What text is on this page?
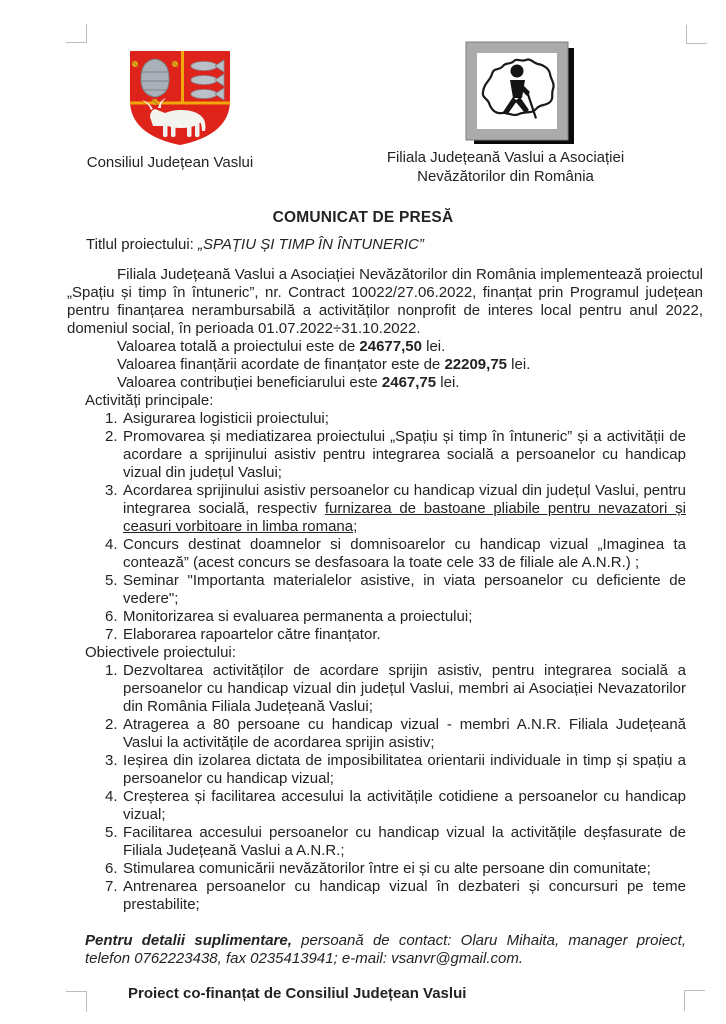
Consiliul Județean Vaslui	Filiala Județeană Vaslui a Asociației
Nevăzătorilor din România
COMUNICAT DE PRESĂ
Titlul proiectului: „SPAȚIU ȘI TIMP ÎN ÎNTUNERIC”
Filiala Județeană Vaslui a Asociației Nevăzătorilor din România implementează proiectul „Spațiu și timp în întuneric”, nr. Contract 10022/27.06.2022, finanțat prin Programul județean pentru finanțarea nerambursabilă a activităților nonprofit de interes local pentru anul 2022, domeniul social, în perioada 01.07.2022÷31.10.2022.
Valoarea totală a proiectului este de 24677,50 lei.
Valoarea finanțării acordate de finanțator este de 22209,75 lei.
Valoarea contribuției beneficiarului este 2467,75 lei.
Activități principale:
1. Asigurarea logisticii proiectului;
2. Promovarea și mediatizarea proiectului „Spațiu și timp în întuneric” și a activității de acordare a sprijinului asistiv pentru integrarea socială a persoanelor cu handicap vizual din județul Vaslui;
3. Acordarea sprijinului asistiv persoanelor cu handicap vizual din județul Vaslui, pentru integrarea socială, respectiv furnizarea de bastoane pliabile pentru nevazatori și ceasuri vorbitoare in limba romana;
4. Concurs destinat doamnelor si domnisoarelor cu handicap vizual „Imaginea ta contează” (acest concurs se desfasoara la toate cele 33 de filiale ale A.N.R.) ;
5. Seminar "Importanta materialelor asistive, in viata persoanelor cu deficiente de vedere";
6. Monitorizarea si evaluarea permanenta a proiectului;
7. Elaborarea rapoartelor către finanțator.
Obiectivele proiectului:
1. Dezvoltarea activităților de acordare sprijin asistiv, pentru integrarea socială a persoanelor cu handicap vizual din județul Vaslui, membri ai Asociației Nevazatorilor din România Filiala Județeană Vaslui;
2. Atragerea a 80 persoane cu handicap vizual - membri A.N.R. Filiala Județeană Vaslui la activitățile de acordarea sprijin asistiv;
3. Ieșirea din izolarea dictata de imposibilitatea orientarii individuale in timp și spațiu a persoanelor cu handicap vizual;
4. Creșterea și facilitarea accesului la activitățile cotidiene a persoanelor cu handicap vizual;
5. Facilitarea accesului persoanelor cu handicap vizual la activitățile deșfasurate de Filiala Județeană Vaslui a A.N.R.;
6. Stimularea comunicării nevăzătorilor între ei și cu alte persoane din comunitate;
7. Antrenarea persoanelor cu handicap vizual în dezbateri și concursuri pe teme prestabilite;
Pentru detalii suplimentare, persoană de contact: Olaru Mihaita, manager proiect, telefon 0762223438, fax 0235413941; e-mail: vsanvr@gmail.com.
Proiect co-finanțat de Consiliul Județean Vaslui
